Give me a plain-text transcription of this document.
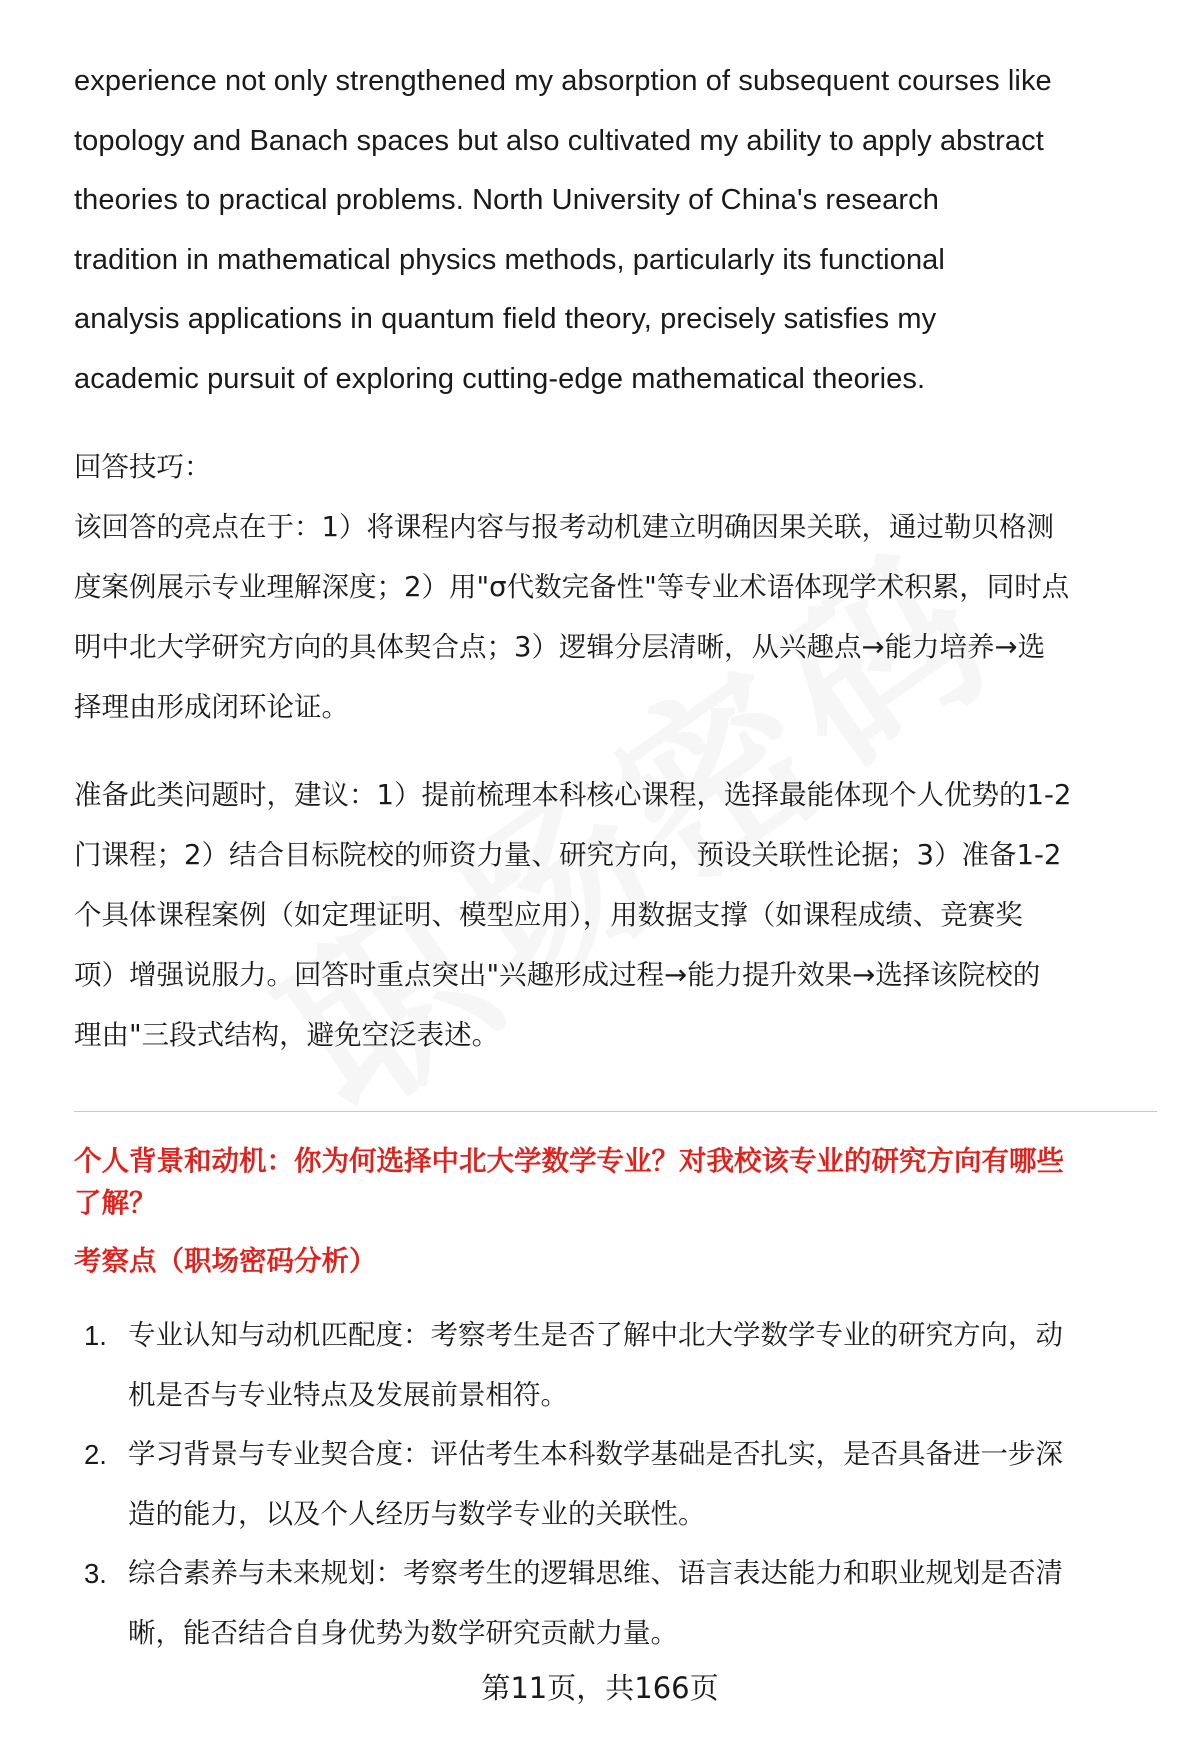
experience not only strengthened my absorption of subsequent courses like

topology and Banach spaces but also cultivated my ability to apply abstract

theories to practical problems. North University of China's research

tradition in mathematical physics methods, particularly its functional

analysis applications in quantum field theory, precisely satisfies my

academic pursuit of exploring cutting-edge mathematical theories.

回答技巧：

该回答的亮点在于：1）将课程内容与报考动机建立明确因果关联，通过勒贝格测

度案例展示专业理解深度；2）用"σ代数完备性"等专业术语体现学术积累，同时点

明中北大学研究方向的具体契合点；3）逻辑分层清晰，从兴趣点→能力培养→选

择理由形成闭环论证。

准备此类问题时，建议：1）提前梳理本科核心课程，选择最能体现个人优势的1-2

门课程；2）结合目标院校的师资力量、研究方向，预设关联性论据；3）准备1-2

个具体课程案例（如定理证明、模型应用），用数据支撑（如课程成绩、竞赛奖

项）增强说服力。回答时重点突出"兴趣形成过程→能力提升效果→选择该院校的

理由"三段式结构，避免空泛表述。

个人背景和动机：你为何选择中北大学数学专业？对我校该专业的研究方向有哪些
了解？
考察点（职场密码分析）
1. 专业认知与动机匹配度：考察考生是否了解中北大学数学专业的研究方向，动
机是否与专业特点及发展前景相符。
2. 学习背景与专业契合度：评估考生本科数学基础是否扎实，是否具备进一步深
造的能力，以及个人经历与数学专业的关联性。
3. 综合素养与未来规划：考察考生的逻辑思维、语言表达能力和职业规划是否清
晰，能否结合自身优势为数学研究贡献力量。
第11页，共166页
